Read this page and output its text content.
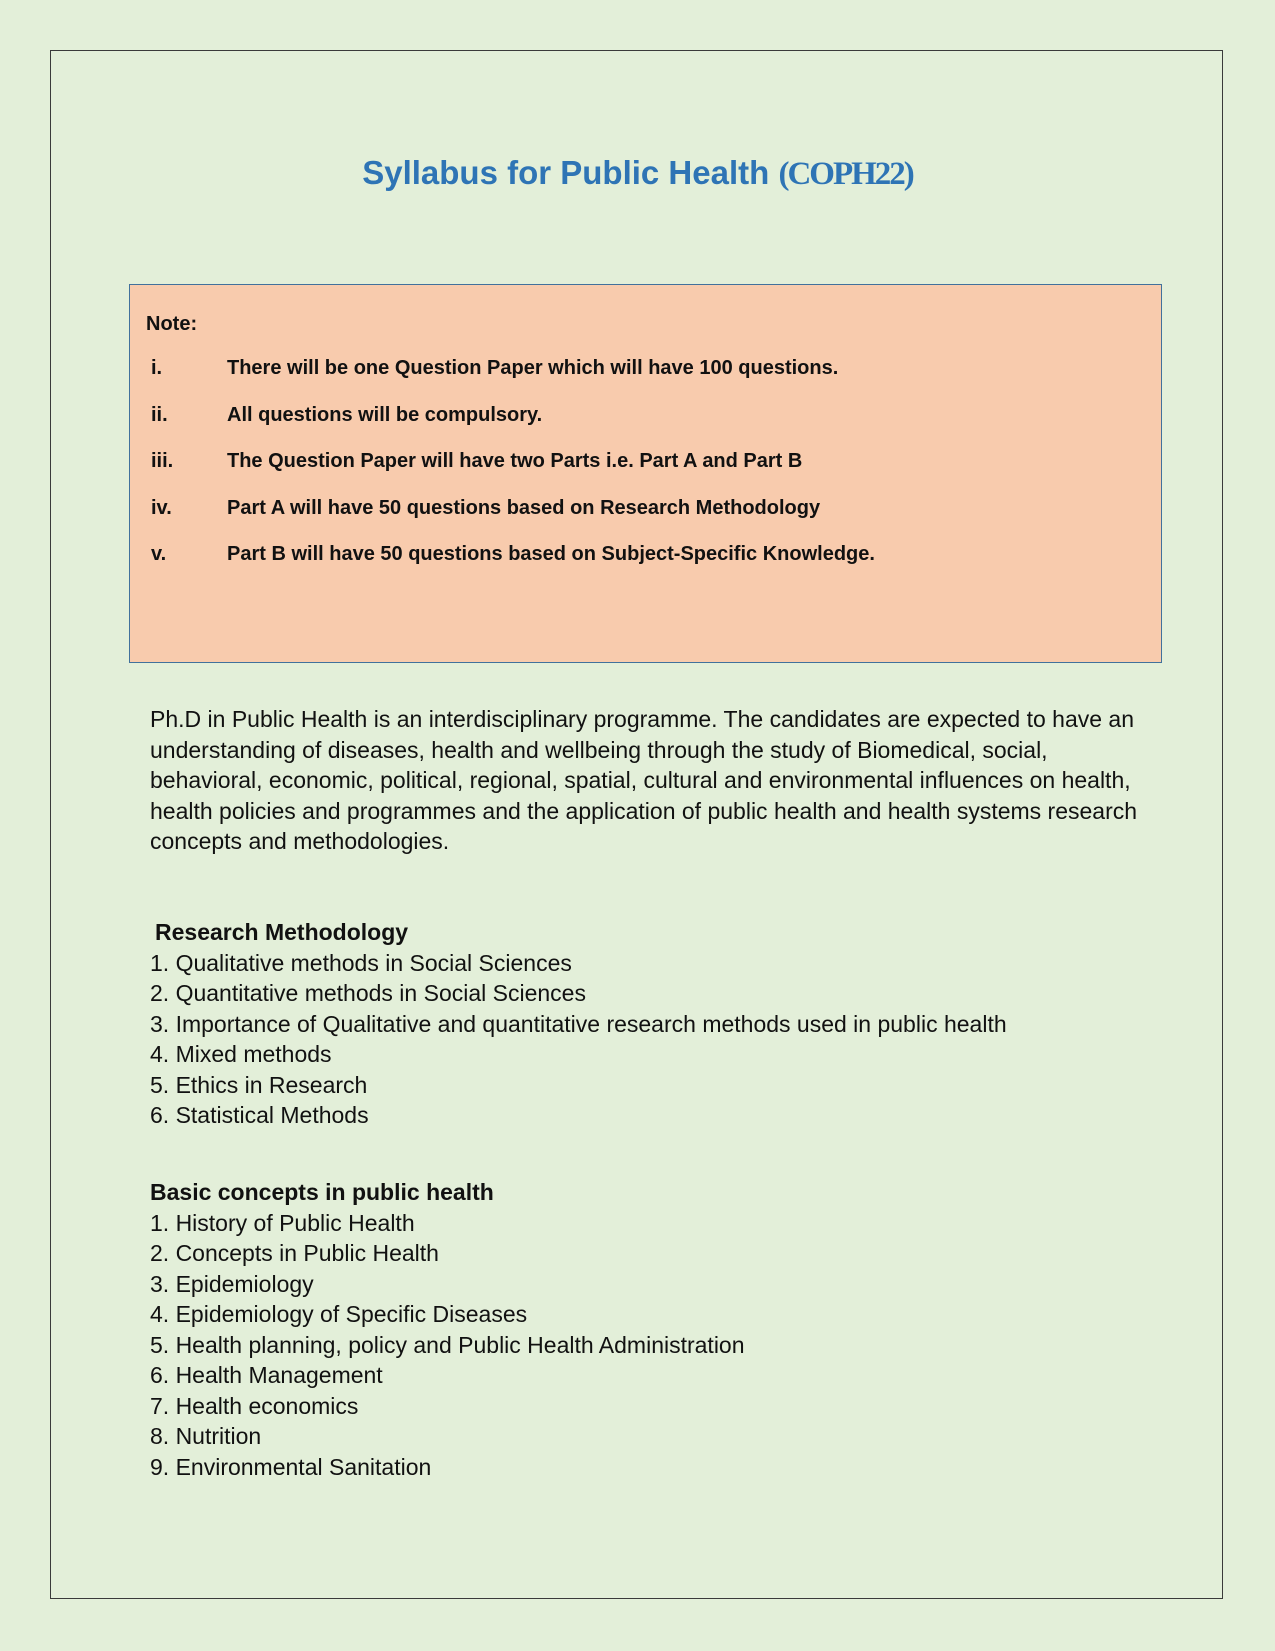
Syllabus for Public Health (COPH22)

Note:

i.	There will be one Question Paper which will have 100 questions.
ii.	All questions will be compulsory.
iii.	The Question Paper will have two Parts i.e. Part A and Part B
iv.	Part A will have 50 questions based on Research Methodology
v.	Part B will have 50 questions based on Subject-Specific Knowledge.

Ph.D in Public Health is an interdisciplinary programme. The candidates are expected to have an understanding of diseases, health and wellbeing through the study of Biomedical, social, behavioral, economic, political, regional, spatial, cultural and environmental influences on health, health policies and programmes and the application of public health and health systems research concepts and methodologies.

Research Methodology

1. Qualitative methods in Social Sciences
2. Quantitative methods in Social Sciences
3. Importance of Qualitative and quantitative research methods used in public health
4. Mixed methods
5. Ethics in Research
6. Statistical Methods

Basic concepts in public health

1. History of Public Health
2. Concepts in Public Health
3. Epidemiology
4. Epidemiology of Specific Diseases
5. Health planning, policy and Public Health Administration
6. Health Management
7. Health economics
8. Nutrition
9. Environmental Sanitation
